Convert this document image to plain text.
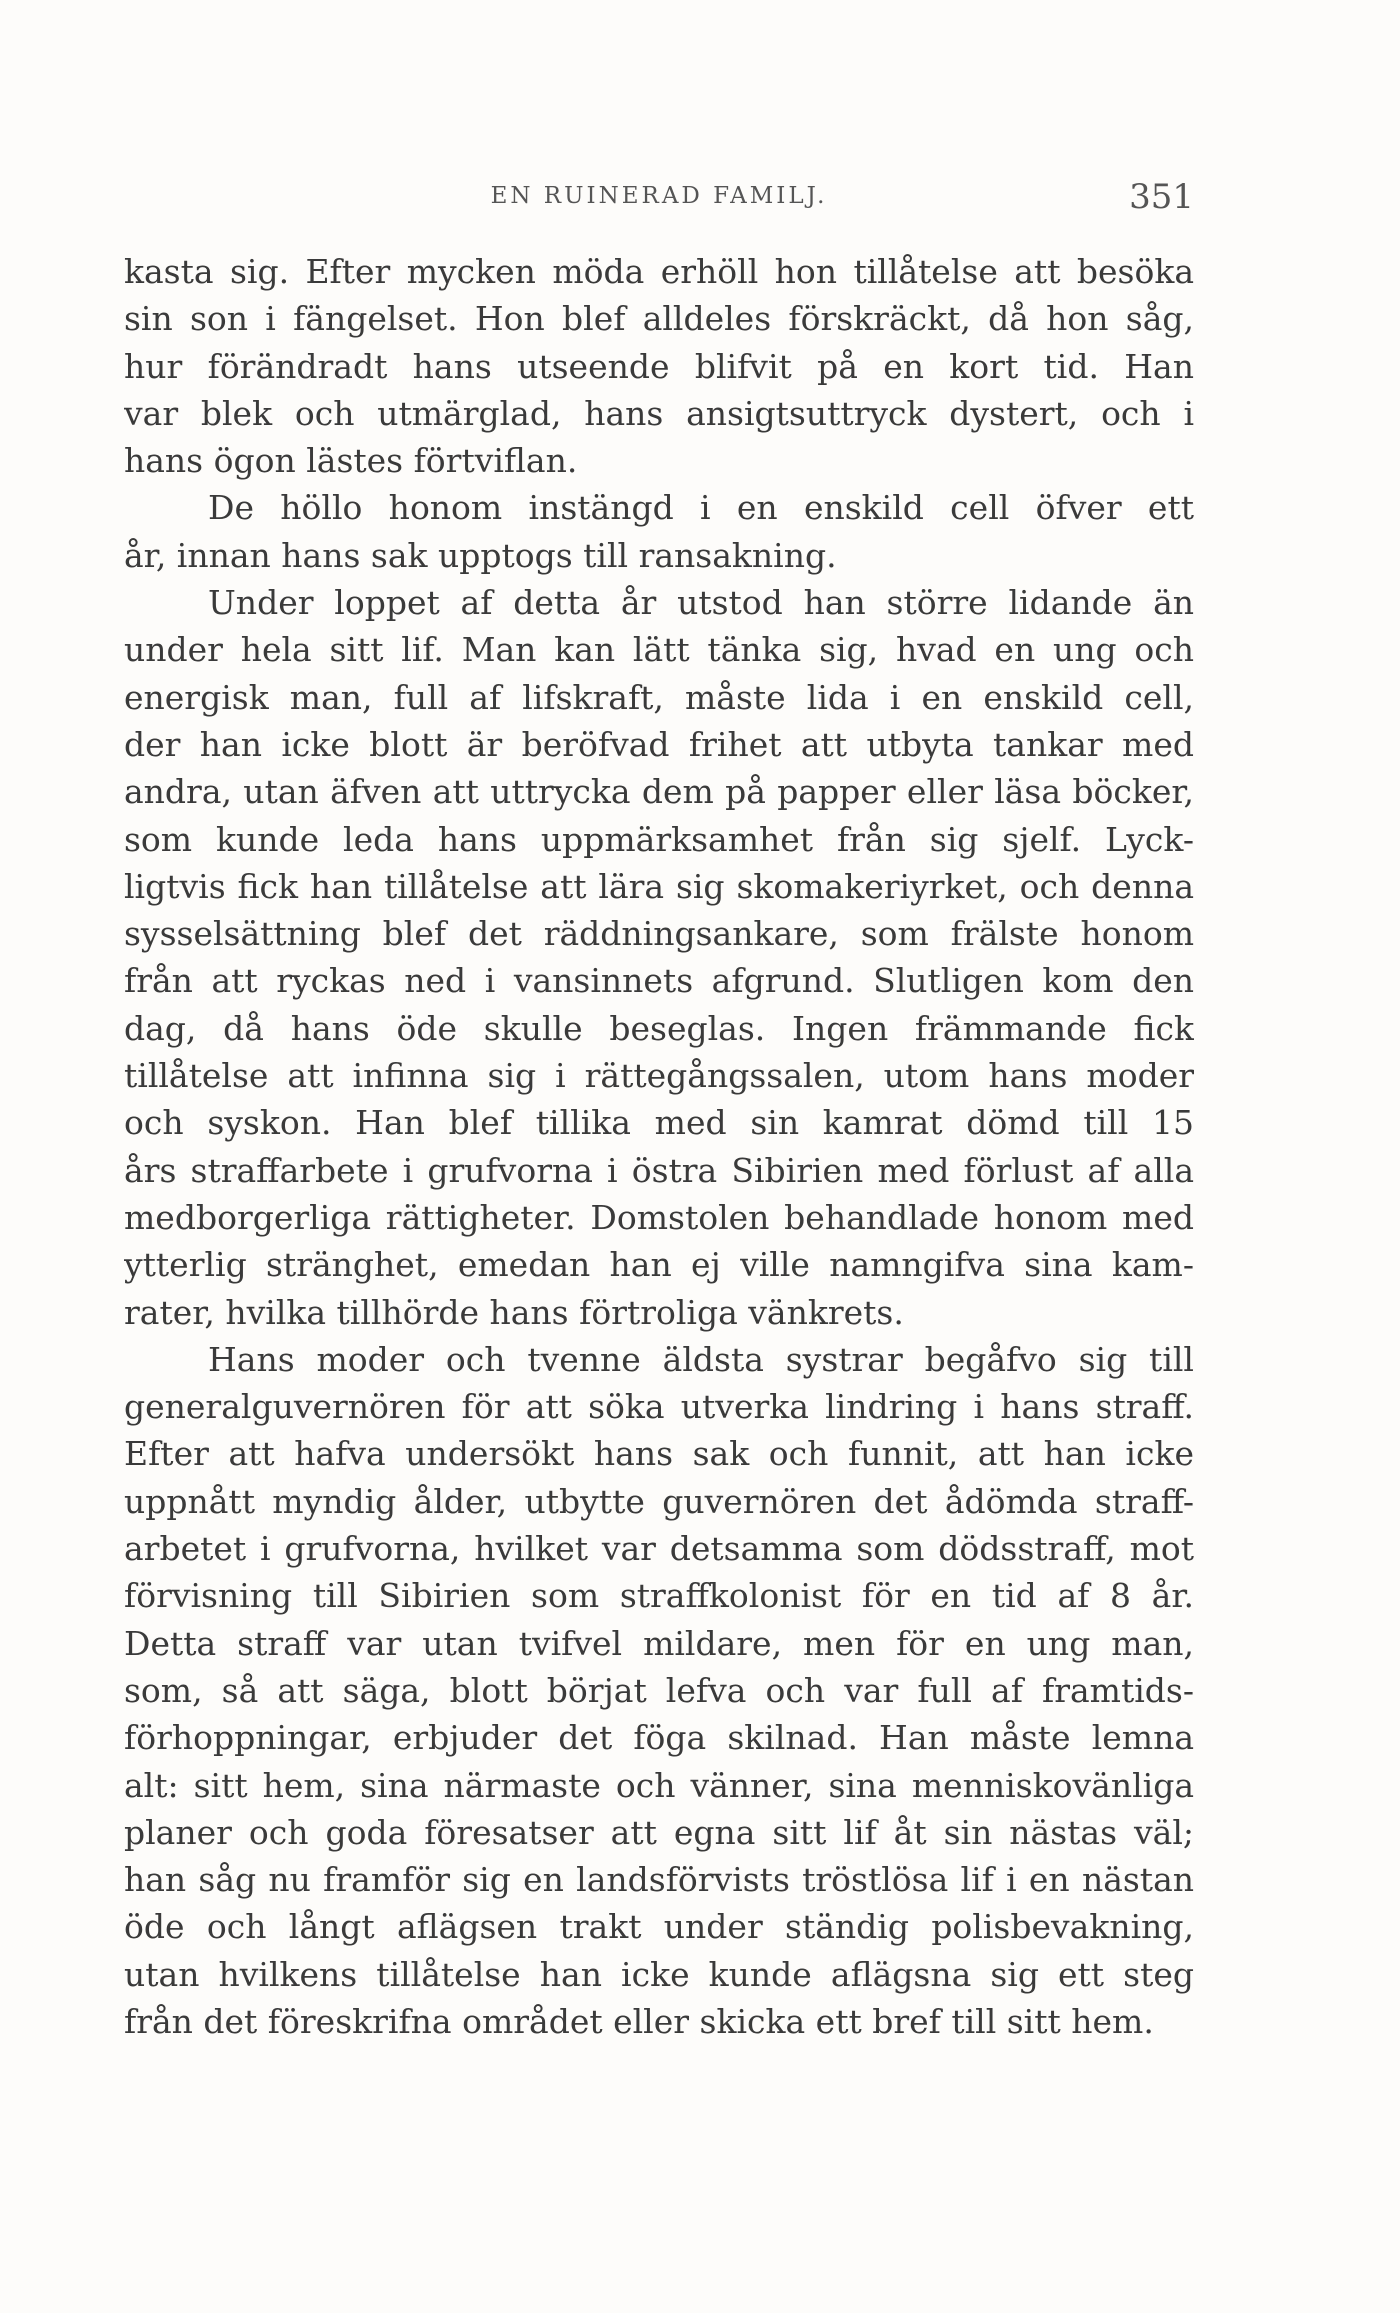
EN RUINERAD FAMILJ.	351
kasta sig. Efter mycken möda erhöll hon tillåtelse att besöka
sin son i fängelset. Hon blef alldeles förskräckt, då hon såg,
hur förändradt hans utseende blifvit på en kort tid. Han
var blek och utmärglad, hans ansigtsuttryck dystert, och i
hans ögon lästes förtviflan.
De höllo honom instängd i en enskild cell öfver ett
år, innan hans sak upptogs till ransakning.
Under loppet af detta år utstod han större lidande än
under hela sitt lif. Man kan lätt tänka sig, hvad en ung och
energisk man, full af lifskraft, måste lida i en enskild cell,
der han icke blott är beröfvad frihet att utbyta tankar med
andra, utan äfven att uttrycka dem på papper eller läsa böcker,
som kunde leda hans uppmärksamhet från sig sjelf. Lyck-
ligtvis fick han tillåtelse att lära sig skomakeriyrket, och denna
sysselsättning blef det räddningsankare, som frälste honom
från att ryckas ned i vansinnets afgrund. Slutligen kom den
dag, då hans öde skulle beseglas. Ingen främmande fick
tillåtelse att infinna sig i rättegångssalen, utom hans moder
och syskon. Han blef tillika med sin kamrat dömd till 15
års straffarbete i grufvorna i östra Sibirien med förlust af alla
medborgerliga rättigheter. Domstolen behandlade honom med
ytterlig stränghet, emedan han ej ville namngifva sina kam-
rater, hvilka tillhörde hans förtroliga vänkrets.
Hans moder och tvenne äldsta systrar begåfvo sig till
generalguvernören för att söka utverka lindring i hans straff.
Efter att hafva undersökt hans sak och funnit, att han icke
uppnått myndig ålder, utbytte guvernören det ådömda straff-
arbetet i grufvorna, hvilket var detsamma som dödsstraff, mot
förvisning till Sibirien som straffkolonist för en tid af 8 år.
Detta straff var utan tvifvel mildare, men för en ung man,
som, så att säga, blott börjat lefva och var full af framtids-
förhoppningar, erbjuder det föga skilnad. Han måste lemna
alt: sitt hem, sina närmaste och vänner, sina menniskovänliga
planer och goda föresatser att egna sitt lif åt sin nästas väl;
han såg nu framför sig en landsförvists tröstlösa lif i en nästan
öde och långt aflägsen trakt under ständig polisbevakning,
utan hvilkens tillåtelse han icke kunde aflägsna sig ett steg
från det föreskrifna området eller skicka ett bref till sitt hem.
